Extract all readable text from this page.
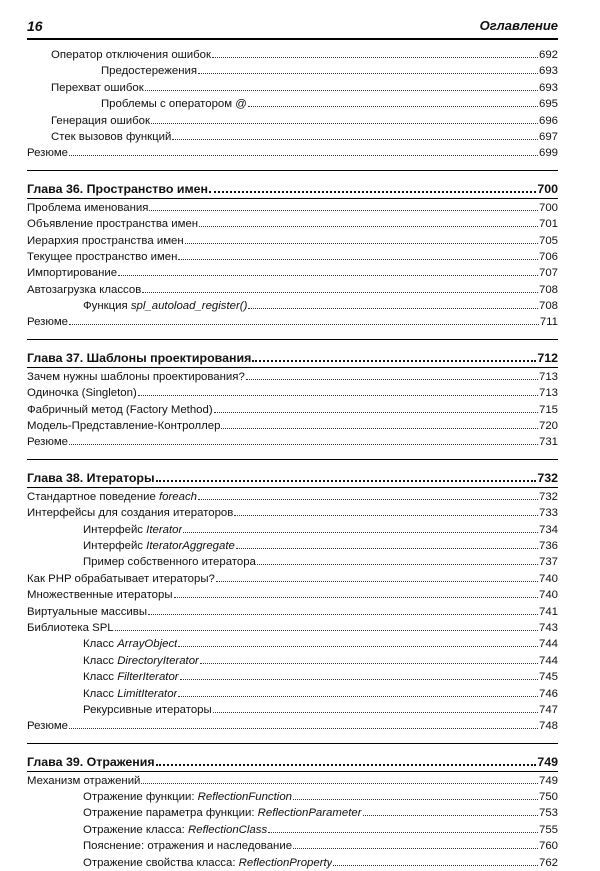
16	Оглавление
Оператор отключения ошибок	692
Предостережения	693
Перехват ошибок	693
Проблемы с оператором @	695
Генерация ошибок	696
Стек вызовов функций	697
Резюме	699
Глава 36. Пространство имен	700
Проблема именования	700
Объявление пространства имен	701
Иерархия пространства имен	705
Текущее пространство имен	706
Импортирование	707
Автозагрузка классов	708
Функция spl_autoload_register()	708
Резюме	711
Глава 37. Шаблоны проектирования	712
Зачем нужны шаблоны проектирования?	713
Одиночка (Singleton)	713
Фабричный метод (Factory Method)	715
Модель-Представление-Контроллер	720
Резюме	731
Глава 38. Итераторы	732
Стандартное поведение foreach	732
Интерфейсы для создания итераторов	733
Интерфейс Iterator	734
Интерфейс IteratorAggregate	736
Пример собственного итератора	737
Как PHP обрабатывает итераторы?	740
Множественные итераторы	740
Виртуальные массивы	741
Библиотека SPL	743
Класс ArrayObject	744
Класс DirectoryIterator	744
Класс FilterIterator	745
Класс LimitIterator	746
Рекурсивные итераторы	747
Резюме	748
Глава 39. Отражения	749
Механизм отражений	749
Отражение функции: ReflectionFunction	750
Отражение параметра функции: ReflectionParameter	753
Отражение класса: ReflectionClass	755
Пояснение: отражения и наследование	760
Отражение свойства класса: ReflectionProperty	762
